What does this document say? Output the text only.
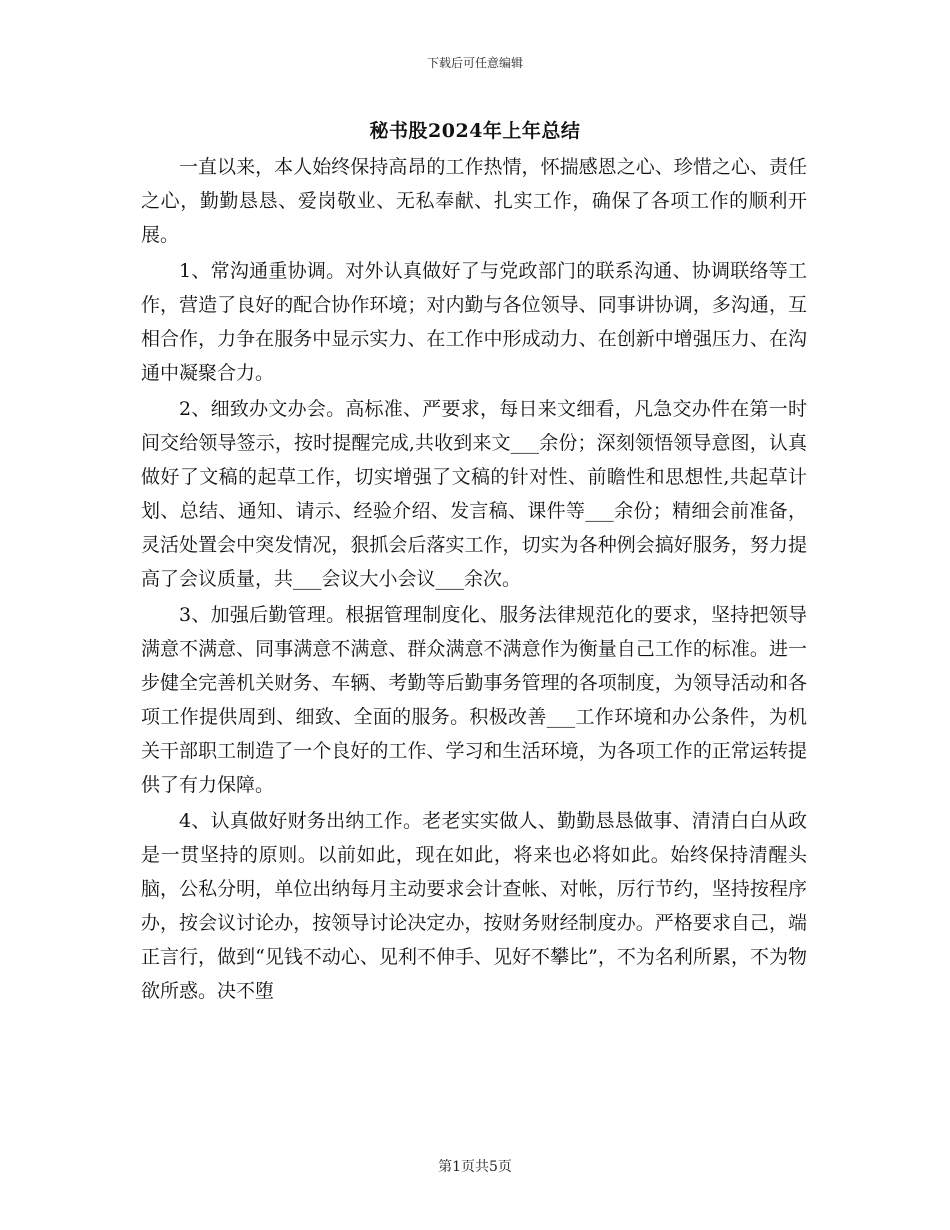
下载后可任意编辑
秘书股2024年上年总结

一直以来，本人始终保持高昂的工作热情，怀揣感恩之心、珍惜之心、责任之心，勤勤恳恳、爱岗敬业、无私奉献、扎实工作，确保了各项工作的顺利开展。

1、常沟通重协调。对外认真做好了与党政部门的联系沟通、协调联络等工作，营造了良好的配合协作环境；对内勤与各位领导、同事讲协调，多沟通，互相合作，力争在服务中显示实力、在工作中形成动力、在创新中增强压力、在沟通中凝聚合力。

2、细致办文办会。高标准、严要求，每日来文细看，凡急交办件在第一时间交给领导签示，按时提醒完成,共收到来文___余份；深刻领悟领导意图，认真做好了文稿的起草工作，切实增强了文稿的针对性、前瞻性和思想性,共起草计划、总结、通知、请示、经验介绍、发言稿、课件等___余份；精细会前准备，灵活处置会中突发情况，狠抓会后落实工作，切实为各种例会搞好服务，努力提高了会议质量，共___会议大小会议___余次。

3、加强后勤管理。根据管理制度化、服务法律规范化的要求，坚持把领导满意不满意、同事满意不满意、群众满意不满意作为衡量自己工作的标准。进一步健全完善机关财务、车辆、考勤等后勤事务管理的各项制度，为领导活动和各项工作提供周到、细致、全面的服务。积极改善___工作环境和办公条件，为机关干部职工制造了一个良好的工作、学习和生活环境，为各项工作的正常运转提供了有力保障。

4、认真做好财务出纳工作。老老实实做人、勤勤恳恳做事、清清白白从政是一贯坚持的原则。以前如此，现在如此，将来也必将如此。始终保持清醒头脑，公私分明，单位出纳每月主动要求会计查帐、对帐，厉行节约，坚持按程序办，按会议讨论办，按领导讨论决定办，按财务财经制度办。严格要求自己，端正言行，做到“见钱不动心、见利不伸手、见好不攀比”，不为名利所累，不为物欲所惑。决不堕

第1页共5页
